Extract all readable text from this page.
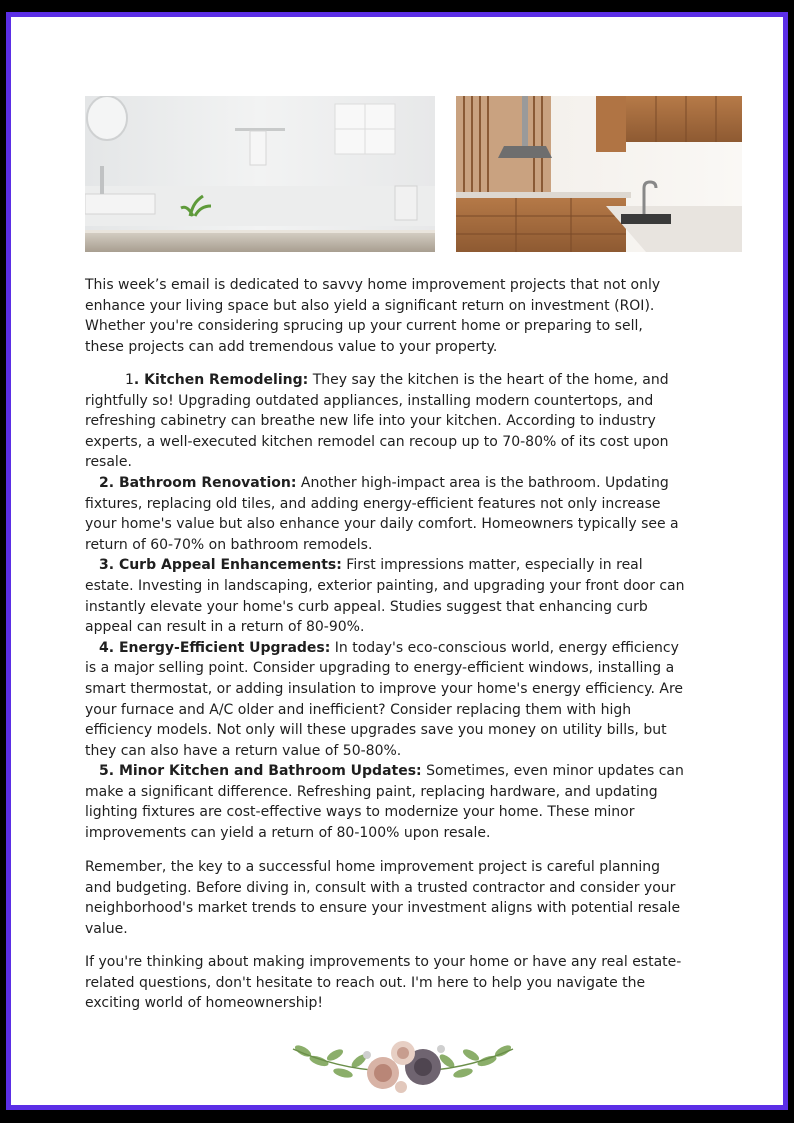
This week’s email is dedicated to savvy home improvement projects that not only enhance your living space but also yield a significant return on investment (ROI). Whether you're considering sprucing up your current home or preparing to sell, these projects can add tremendous value to your property.

1. Kitchen Remodeling: They say the kitchen is the heart of the home, and rightfully so! Upgrading outdated appliances, installing modern countertops, and refreshing cabinetry can breathe new life into your kitchen. According to industry experts, a well-executed kitchen remodel can recoup up to 70-80% of its cost upon resale.

2. Bathroom Renovation: Another high-impact area is the bathroom. Updating fixtures, replacing old tiles, and adding energy-efficient features not only increase your home's value but also enhance your daily comfort. Homeowners typically see a return of 60-70% on bathroom remodels.

3. Curb Appeal Enhancements: First impressions matter, especially in real estate. Investing in landscaping, exterior painting, and upgrading your front door can instantly elevate your home's curb appeal. Studies suggest that enhancing curb appeal can result in a return of 80-90%.

4. Energy-Efficient Upgrades: In today's eco-conscious world, energy efficiency is a major selling point. Consider upgrading to energy-efficient windows, installing a smart thermostat, or adding insulation to improve your home's energy efficiency. Are your furnace and A/C older and inefficient? Consider replacing them with high efficiency models. Not only will these upgrades save you money on utility bills, but they can also have a return value of 50-80%.

5. Minor Kitchen and Bathroom Updates: Sometimes, even minor updates can make a significant difference. Refreshing paint, replacing hardware, and updating lighting fixtures are cost-effective ways to modernize your home. These minor improvements can yield a return of 80-100% upon resale.

Remember, the key to a successful home improvement project is careful planning and budgeting. Before diving in, consult with a trusted contractor and consider your neighborhood's market trends to ensure your investment aligns with potential resale value.

If you're thinking about making improvements to your home or have any real estate-related questions, don't hesitate to reach out. I'm here to help you navigate the exciting world of homeownership!
